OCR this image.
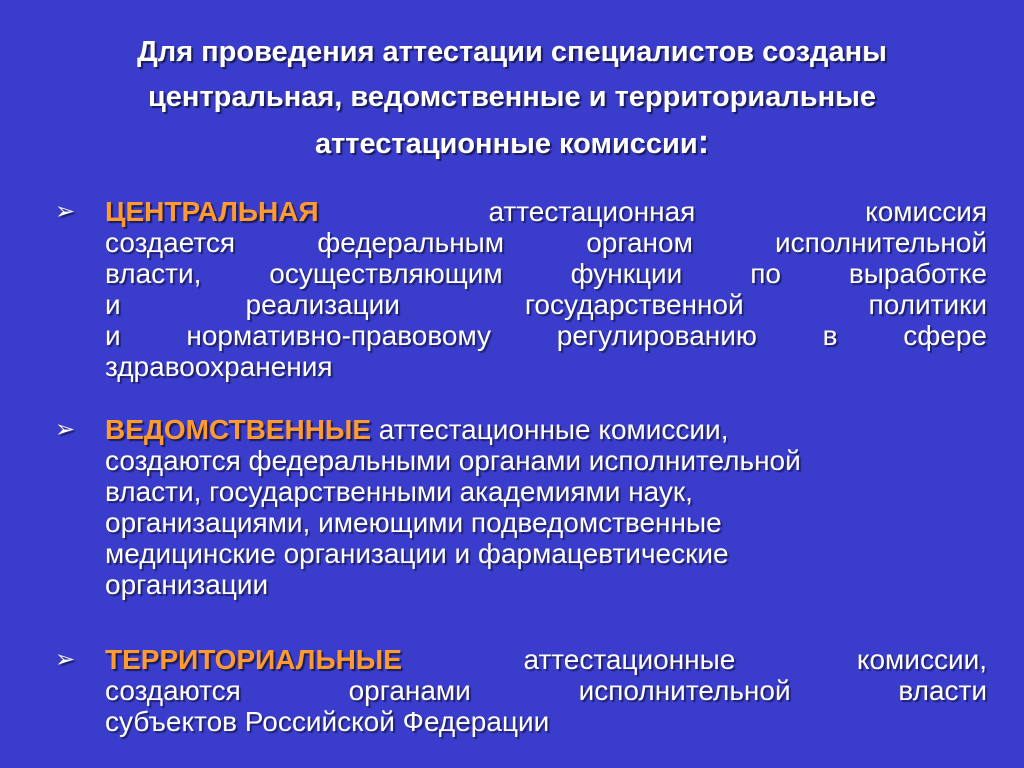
Для проведения аттестации специалистов созданы
центральная, ведомственные и территориальные
аттестационные комиссии:
➢ ЦЕНТРАЛЬНАЯ	аттестационная комиссия
создается федеральным органом исполнительной
власти, осуществляющим функции по выработке
и реализации государственной политики
и нормативно-правовому регулированию в сфере
здравоохранения
➢ ВЕДОМСТВЕННЫЕ аттестационные комиссии,
создаются федеральными органами исполнительной
власти, государственными академиями наук,
организациями, имеющими подведомственные
медицинские организации и фармацевтические
организации
➢ ТЕРРИТОРИАЛЬНЫЕ	аттестационные комиссии,
создаются органами исполнительной власти
субъектов Российской Федерации
